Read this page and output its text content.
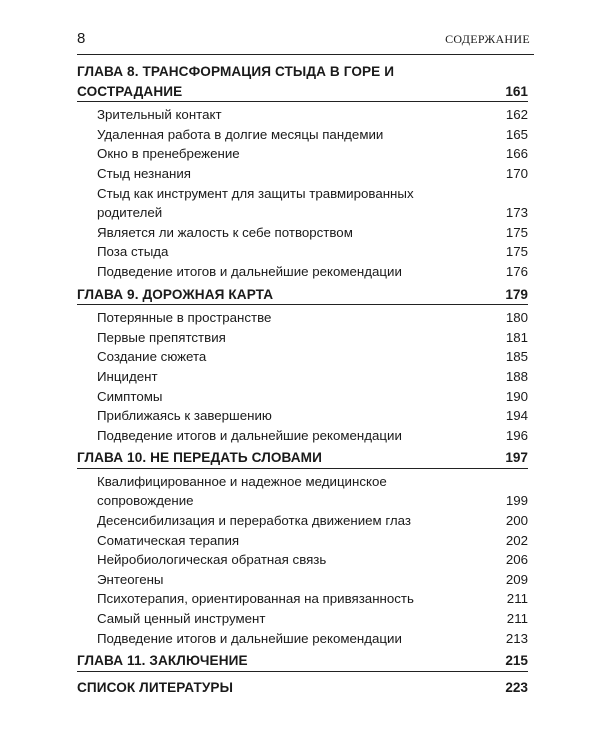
8	СОДЕРЖАНИЕ
ГЛАВА 8. ТРАНСФОРМАЦИЯ СТЫДА В ГОРЕ И СОСТРАДАНИЕ	161
Зрительный контакт	162
Удаленная работа в долгие месяцы пандемии	165
Окно в пренебрежение	166
Стыд незнания	170
Стыд как инструмент для защиты травмированных
родителей	173
Является ли жалость к себе потворством	175
Поза стыда	175
Подведение итогов и дальнейшие рекомендации	176
ГЛАВА 9. ДОРОЖНАЯ КАРТА	179
Потерянные в пространстве	180
Первые препятствия	181
Создание сюжета	185
Инцидент	188
Симптомы	190
Приближаясь к завершению	194
Подведение итогов и дальнейшие рекомендации	196
ГЛАВА 10. НЕ ПЕРЕДАТЬ СЛОВАМИ	197
Квалифицированное и надежное медицинское
сопровождение	199
Десенсибилизация и переработка движением глаз	200
Соматическая терапия	202
Нейробиологическая обратная связь	206
Энтеогены	209
Психотерапия, ориентированная на привязанность	211
Самый ценный инструмент	211
Подведение итогов и дальнейшие рекомендации	213
ГЛАВА 11. ЗАКЛЮЧЕНИЕ	215
СПИСОК ЛИТЕРАТУРЫ	223
